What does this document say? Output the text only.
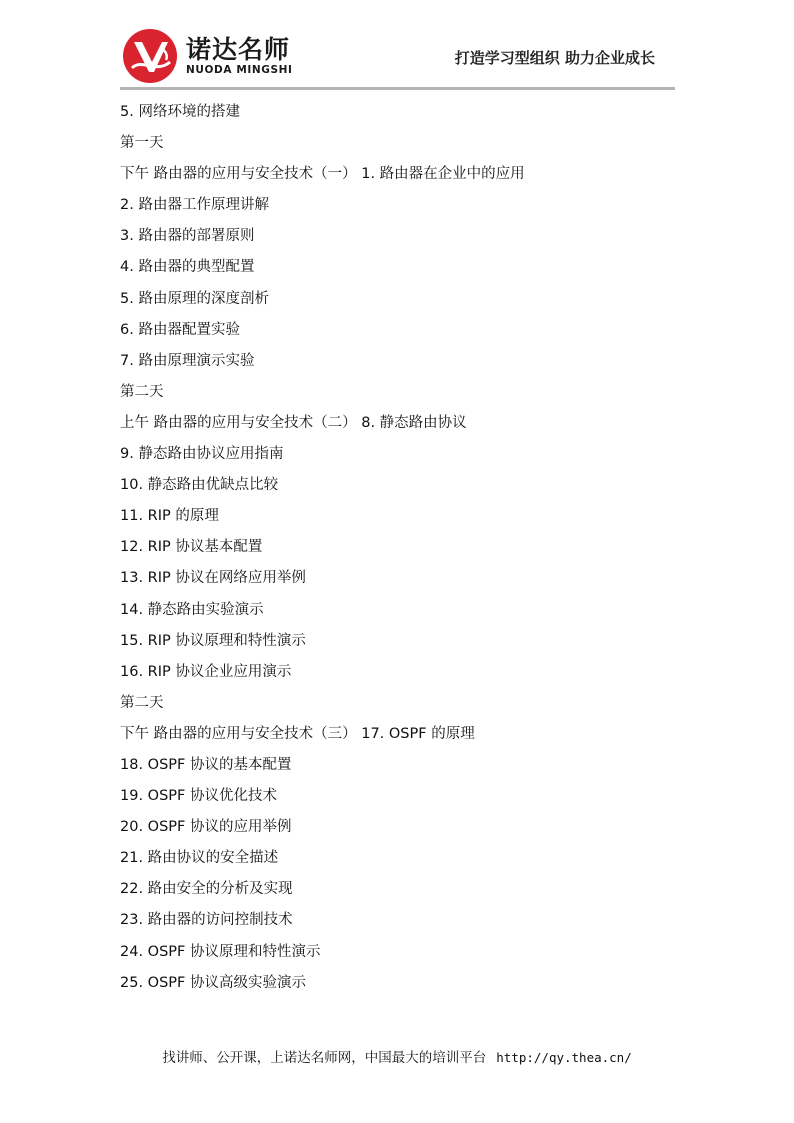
诺达名师
NUODA MINGSHI
打造学习型组织 助力企业成长
5. 网络环境的搭建
第一天
下午 路由器的应用与安全技术（一） 1. 路由器在企业中的应用
2. 路由器工作原理讲解
3. 路由器的部署原则
4. 路由器的典型配置
5. 路由原理的深度剖析
6. 路由器配置实验
7. 路由原理演示实验
第二天
上午 路由器的应用与安全技术（二） 8. 静态路由协议
9. 静态路由协议应用指南
10. 静态路由优缺点比较
11. RIP 的原理
12. RIP 协议基本配置
13. RIP 协议在网络应用举例
14. 静态路由实验演示
15. RIP 协议原理和特性演示
16. RIP 协议企业应用演示
第二天
下午 路由器的应用与安全技术（三） 17. OSPF 的原理
18. OSPF 协议的基本配置
19. OSPF 协议优化技术
20. OSPF 协议的应用举例
21. 路由协议的安全描述
22. 路由安全的分析及实现
23. 路由器的访问控制技术
24. OSPF 协议原理和特性演示
25. OSPF 协议高级实验演示
找讲师、公开课，上诺达名师网，中国最大的培训平台 http://qy.thea.cn/
